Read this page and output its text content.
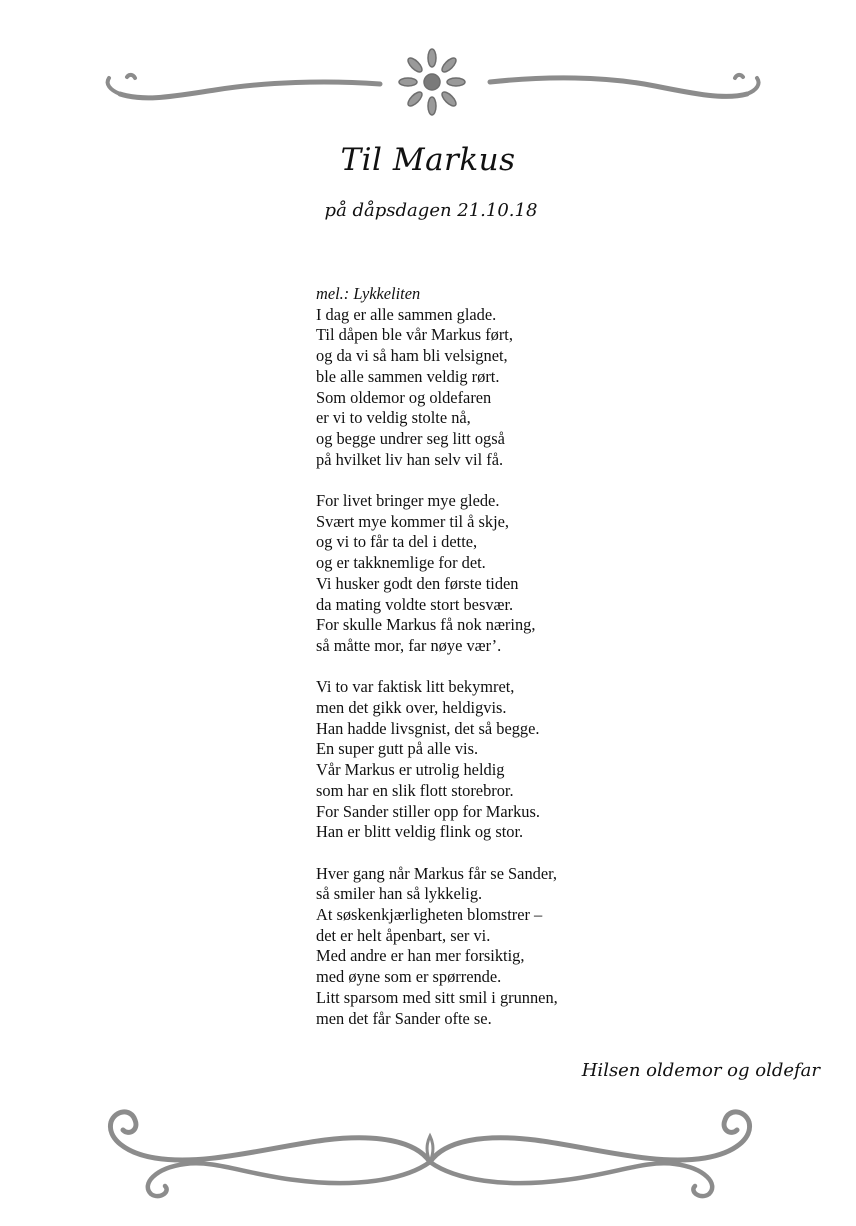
Til Markus
på dåpsdagen 21.10.18
mel.: Lykkeliten
I dag er alle sammen glade.
Til dåpen ble vår Markus ført,
og da vi så ham bli velsignet,
ble alle sammen veldig rørt.
Som oldemor og oldefaren
er vi to veldig stolte nå,
og begge undrer seg litt også
på hvilket liv han selv vil få.
For livet bringer mye glede.
Svært mye kommer til å skje,
og vi to får ta del i dette,
og er takknemlige for det.
Vi husker godt den første tiden
da mating voldte stort besvær.
For skulle Markus få nok næring,
så måtte mor, far nøye vær’.
Vi to var faktisk litt bekymret,
men det gikk over, heldigvis.
Han hadde livsgnist, det så begge.
En super gutt på alle vis.
Vår Markus er utrolig heldig
som har en slik flott storebror.
For Sander stiller opp for Markus.
Han er blitt veldig flink og stor.
Hver gang når Markus får se Sander,
så smiler han så lykkelig.
At søskenkjærligheten blomstrer –
det er helt åpenbart, ser vi.
Med andre er han mer forsiktig,
med øyne som er spørrende.
Litt sparsom med sitt smil i grunnen,
men det får Sander ofte se.
Hilsen oldemor og oldefar
